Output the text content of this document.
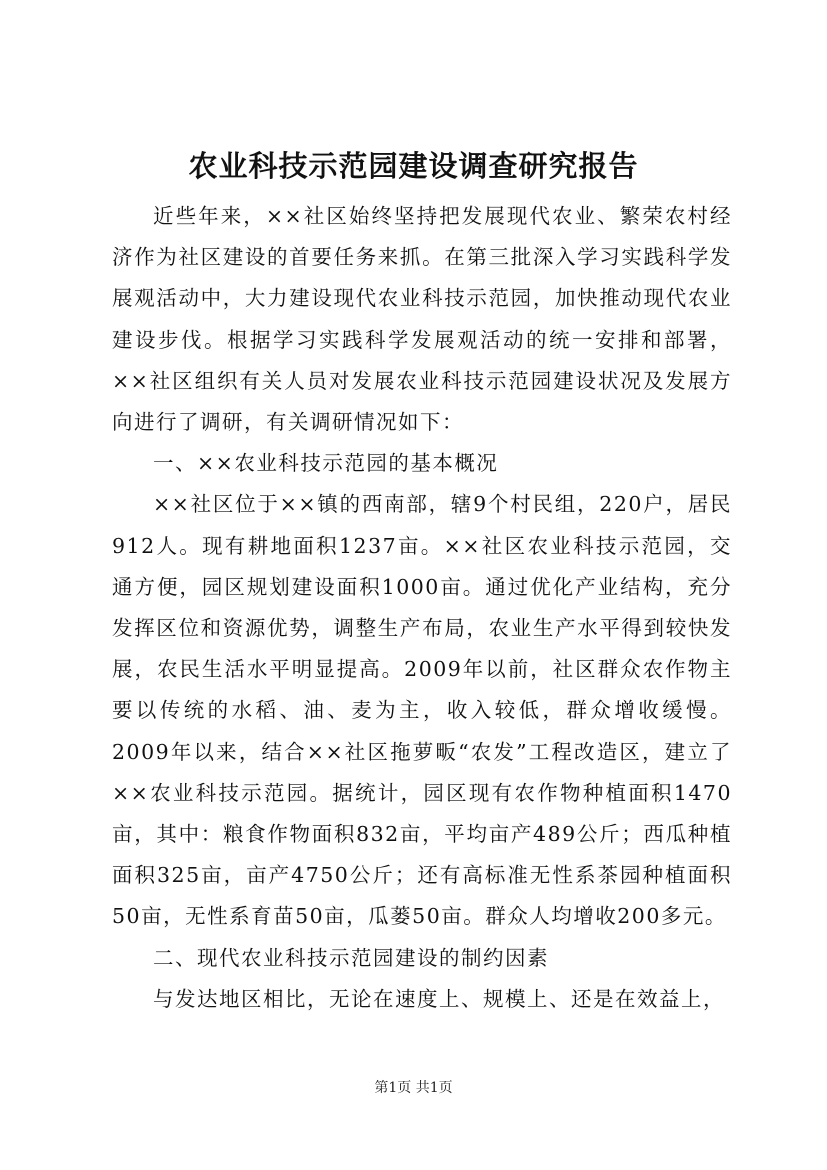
农业科技示范园建设调查研究报告

近些年来，××社区始终坚持把发展现代农业、繁荣农村经济作为社区建设的首要任务来抓。在第三批深入学习实践科学发展观活动中，大力建设现代农业科技示范园，加快推动现代农业建设步伐。根据学习实践科学发展观活动的统一安排和部署，××社区组织有关人员对发展农业科技示范园建设状况及发展方向进行了调研，有关调研情况如下：

一、××农业科技示范园的基本概况

××社区位于××镇的西南部，辖9个村民组，220户，居民912人。现有耕地面积1237亩。××社区农业科技示范园，交通方便，园区规划建设面积1000亩。通过优化产业结构，充分发挥区位和资源优势，调整生产布局，农业生产水平得到较快发展，农民生活水平明显提高。2009年以前，社区群众农作物主要以传统的水稻、油、麦为主，收入较低，群众增收缓慢。2009年以来，结合××社区拖萝畈“农发”工程改造区，建立了××农业科技示范园。据统计，园区现有农作物种植面积1470亩，其中：粮食作物面积832亩，平均亩产489公斤；西瓜种植面积325亩，亩产4750公斤；还有高标准无性系茶园种植面积50亩，无性系育苗50亩，瓜蒌50亩。群众人均增收200多元。

二、现代农业科技示范园建设的制约因素

与发达地区相比，无论在速度上、规模上、还是在效益上，

第1页 共1页
